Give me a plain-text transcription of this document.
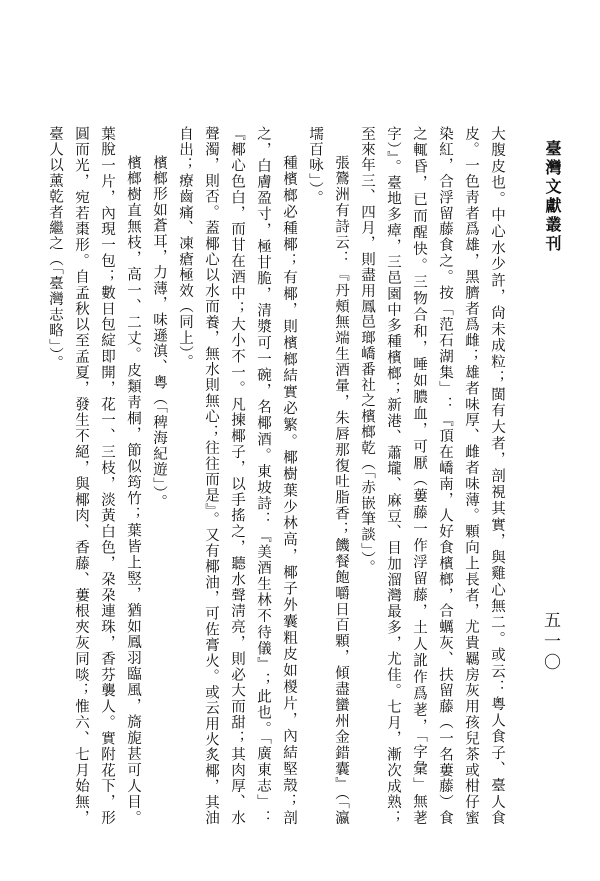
臺灣文獻叢刊
五一〇

大腹皮也。中心水少許，尙未成粒；閩有大者，剖視其實，與雞心無二。或云：粵人食子、臺人食皮。一色靑者爲雄，黑臍者爲雌；雄者味厚、雌者味薄。顆向上長者，尤貴羈房灰用孩兒茶或柑仔蜜染紅，合浮留藤食之。按「范石湖集」：『頂在嶠南，人好食檳榔，合蠣灰、扶留藤（一名蔞藤）食之輒昏，已而醒快。三物合和，唾如膿血，可厭（蔞藤一作浮留藤，土人訛作爲荖，「字彙」無荖字）』。臺地多瘴，三邑園中多種檳榔；新港、蕭壠、麻豆、目加溜灣最多，尤佳。七月，漸次成熟；至來年三、四月，則盡用鳳邑瑯嶠番社之檳榔乾（「赤嵌筆談」）。

張鷟洲有詩云：『丹頰無端生酒暈，朱唇那復吐脂香；饑餐飽嚼日百顆，傾盡蠻州金錯囊』（「瀛壖百咏」）。

種檳榔必種椰；有椰，則檳榔結實必繁。椰樹葉少林高，椰子外囊粗皮如椶片，內結堅殼；剖之，白膚盈寸，極甘脆，清漿可一碗，名椰酒。東坡詩：『美酒生林不待儀』；此也。「廣東志」：『椰心色白，而甘在酒中；大小不一。凡揀椰子，以手搖之，聽水聲淸亮，則必大而甜；其肉厚、水聲濁，則否。蓋椰心以水而養，無水則無心；往往而是』。又有椰油，可佐膏火。或云用火炙椰，其油自出；療齒痛、凍瘡極效（同上）。

檳榔形如蒼耳，力薄，味遜滇、粵（「稗海紀遊」）。

檳榔樹直無枝，高一、二丈。皮類靑桐，節似筠竹；葉皆上竪，猶如鳳羽臨風，旖旎甚可人目。葉脫一片，內現一包；數日包綻即開，花一、三枝，淡黃白色，朶朶連珠，香芬襲人。實附花下，形圓而光，宛若棗形。自孟秋以至孟夏，發生不絕，與椰肉、香藤、蔞根夾灰同啖；惟六、七月始無，臺人以薰乾者繼之（「臺灣志略」）。
